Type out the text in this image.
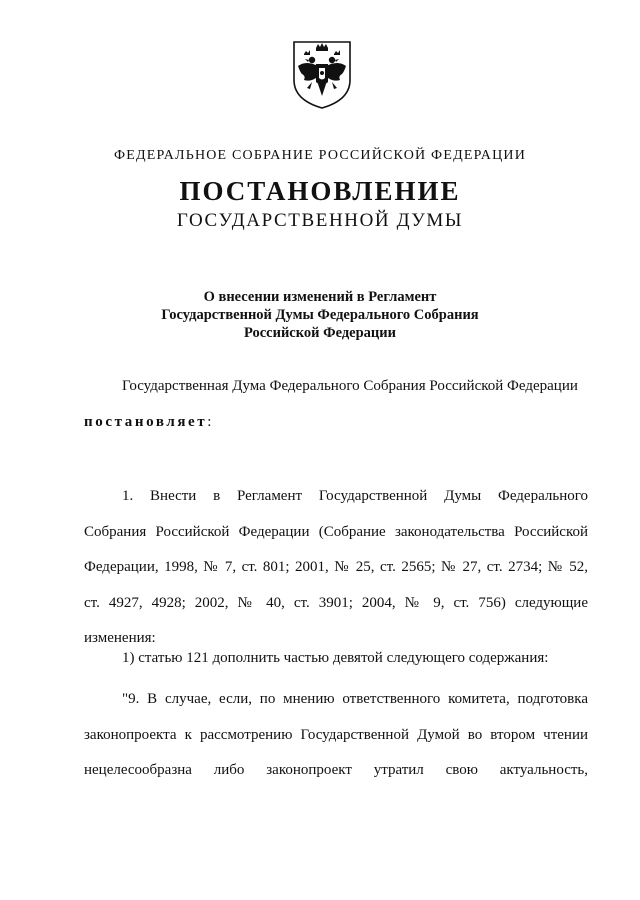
ФЕДЕРАЛЬНОЕ СОБРАНИЕ РОССИЙСКОЙ ФЕДЕРАЦИИ
ПОСТАНОВЛЕНИЕ
ГОСУДАРСТВЕННОЙ ДУМЫ
О внесении изменений в Регламент
Государственной Думы Федерального Собрания
Российской Федерации
Государственная Дума Федерального Собрания Российской Федерации
постановляет:
1. Внести в Регламент Государственной Думы Федерального
Собрания Российской Федерации (Собрание законодательства Российской
Федерации, 1998, № 7, ст. 801; 2001, № 25, ст. 2565; № 27, ст. 2734; № 52,
ст. 4927, 4928; 2002, № 40, ст. 3901; 2004, № 9, ст. 756) следующие
изменения:
1) статью 121 дополнить частью девятой следующего содержания:
"9. В случае, если, по мнению ответственного комитета, подготовка
законопроекта к рассмотрению Государственной Думой во втором чтении
нецелесообразна либо законопроект утратил свою актуальность,
